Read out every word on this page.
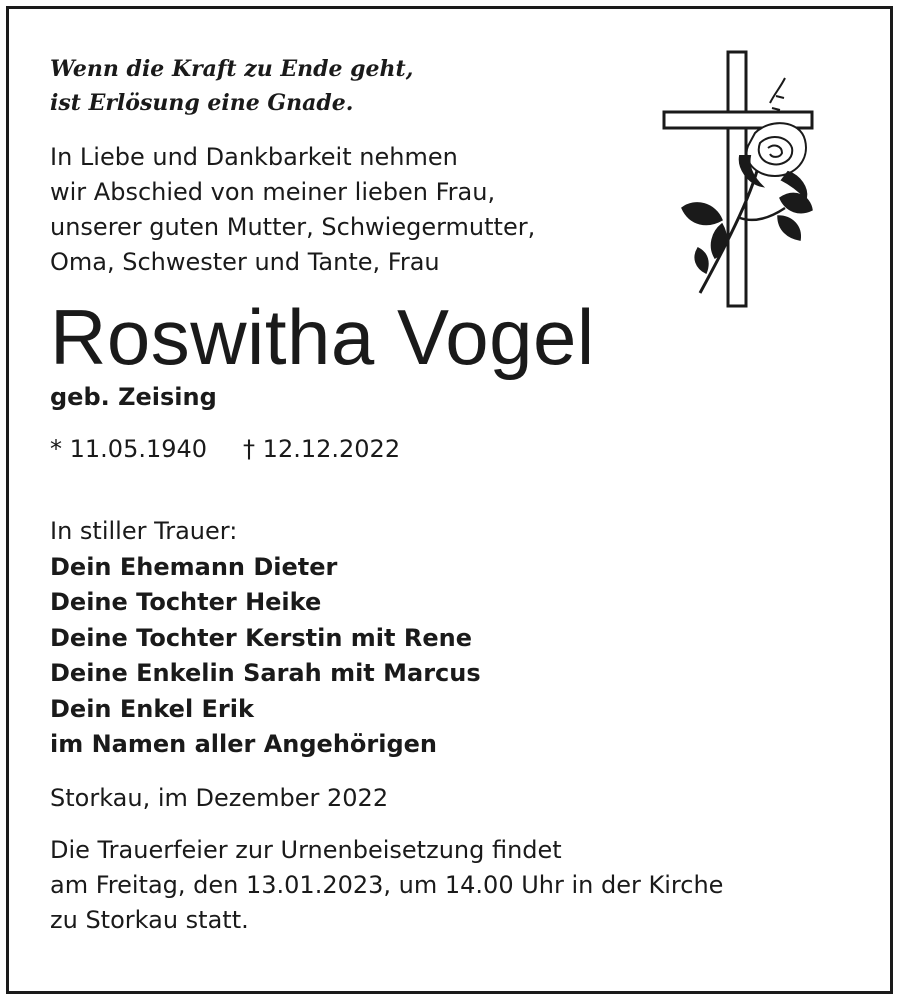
Wenn die Kraft zu Ende geht,
ist Erlösung eine Gnade.
In Liebe und Dankbarkeit nehmen
wir Abschied von meiner lieben Frau,
unserer guten Mutter, Schwiegermutter,
Oma, Schwester und Tante, Frau
Roswitha Vogel
geb. Zeising
* 11.05.1940 † 12.12.2022
In stiller Trauer:
Dein Ehemann Dieter
Deine Tochter Heike
Deine Tochter Kerstin mit Rene
Deine Enkelin Sarah mit Marcus
Dein Enkel Erik
im Namen aller Angehörigen
Storkau, im Dezember 2022
Die Trauerfeier zur Urnenbeisetzung findet
am Freitag, den 13.01.2023, um 14.00 Uhr in der Kirche
zu Storkau statt.
